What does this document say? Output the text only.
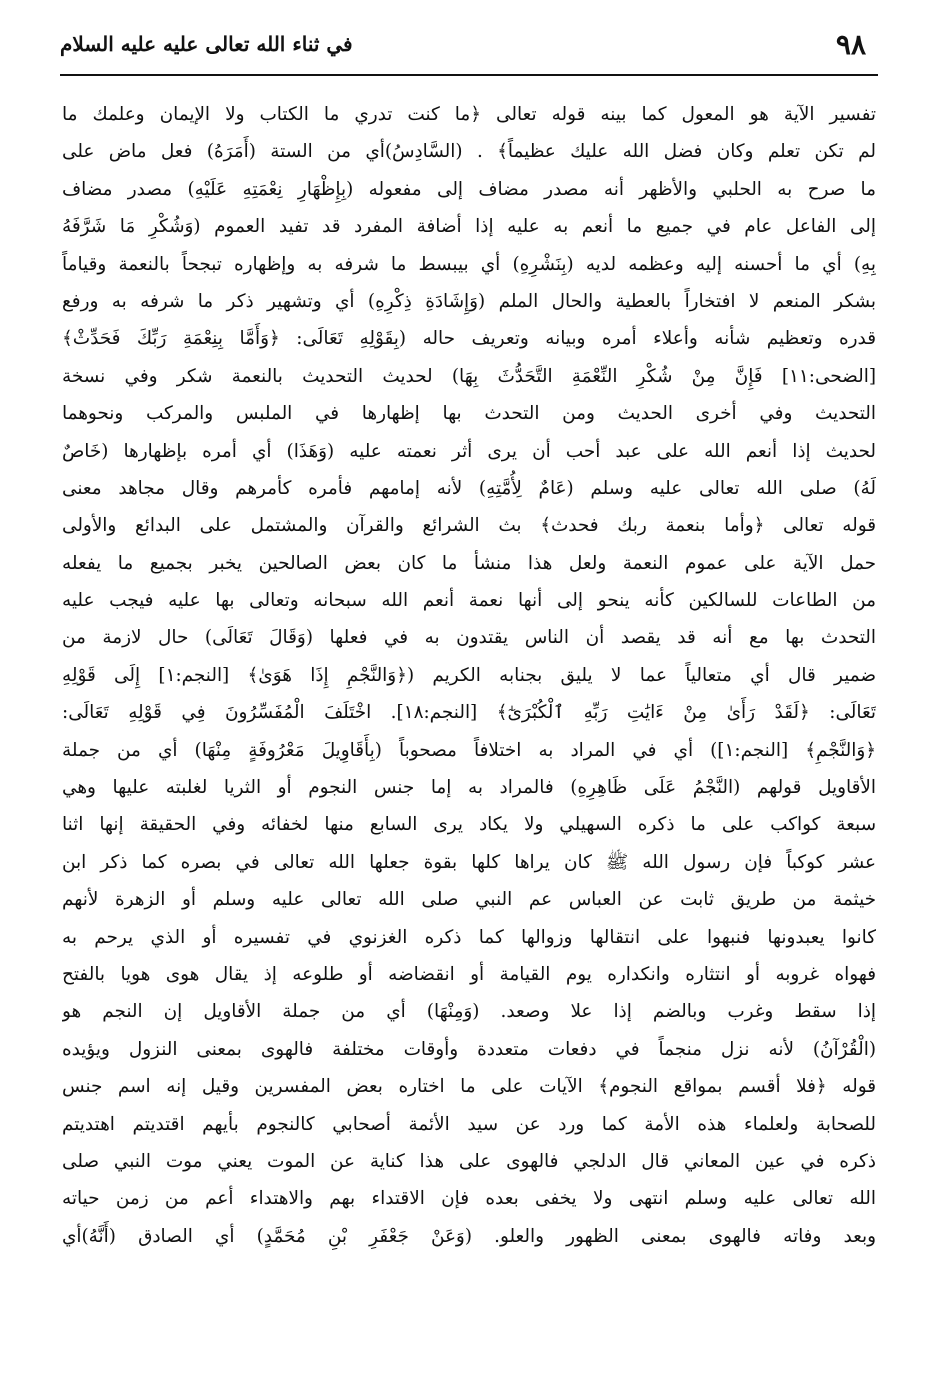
٩٨
في ثناء الله تعالى عليه عليه السلام
تفسير الآية هو المعول كما بينه قوله تعالى ﴿ما كنت تدري ما الكتاب ولا الإيمان وعلمك ما
لم تكن تعلم وكان فضل الله عليك عظيماً﴾ . (السَّادِسُ)أي من الستة (أَمَرَهُ) فعل ماض على
ما صرح به الحلبي والأظهر أنه مصدر مضاف إلى مفعوله (بِإِظْهَارِ نِعْمَتِهِ عَلَيْهِ) مصدر مضاف
إلى الفاعل عام في جميع ما أنعم به عليه إذا أضافة المفرد قد تفيد العموم (وَشُكْرِ مَا شَرَّفَهُ
بِهِ) أي ما أحسنه إليه وعظمه لديه (بِنَشْرِهِ) أي بيبسط ما شرفه به وإظهاره تبجحاً بالنعمة وقياماً
بشكر المنعم لا افتخاراً بالعطية والحال الملم (وَإِشَادَةِ ذِكْرِهِ) أي وتشهير ذكر ما شرفه به ورفع
قدره وتعظيم شأنه وأعلاء أمره وبيانه وتعريف حاله (بِقَوْلِهِ تَعَالَى: ﴿وَأَمَّا بِنِعْمَةِ رَبِّكَ فَحَدِّثْ﴾
[الضحى:١١] فَإِنَّ مِنْ شُكْرِ النِّعْمَةِ التَّحَدُّثَ بِهَا) لحديث التحديث بالنعمة شكر وفي نسخة
التحديث وفي أخرى الحديث ومن التحدث بها إظهارها في الملبس والمركب ونحوهما
لحديث إذا أنعم الله على عبد أحب أن يرى أثر نعمته عليه (وَهَذَا) أي أمره بإظهارها (خَاصٌ
لَهُ) صلى الله تعالى عليه وسلم (عَامٌ لِأُمَّتِهِ) لأنه إمامهم فأمره كأمرهم وقال مجاهد معنى
قوله تعالى ﴿وأما بنعمة ربك فحدث﴾ بث الشرائع والقرآن والمشتمل على البدائع والأولى
حمل الآية على عموم النعمة ولعل هذا منشأ ما كان بعض الصالحين يخبر بجميع ما يفعله
من الطاعات للسالكين كأنه ينحو إلى أنها نعمة أنعم الله سبحانه وتعالى بها عليه فيجب عليه
التحدث بها مع أنه قد يقصد أن الناس يقتدون به في فعلها (وَقَالَ تَعَالَى) حال لازمة من
ضمير قال أي متعالياً عما لا يليق بجنابه الكريم (﴿وَالنَّجْمِ إِذَا هَوَىٰ﴾ [النجم:١] إِلَى قَوْلِهِ
تَعَالَى: ﴿لَقَدْ رَأَىٰ مِنْ ءَايَٰتِ رَبِّهِ ٱلْكُبْرَىٰٓ﴾ [النجم:١٨]. اخْتَلَفَ الْمُفَسِّرُونَ فِي قَوْلِهِ تَعَالَى:
﴿وَالنَّجْمِ﴾ [النجم:١]) أي في المراد به اختلافاً مصحوباً (بِأَقَاوِيلَ مَعْرُوفَةٍ مِنْهَا) أي من جملة
الأقاويل قولهم (النَّجْمُ عَلَى ظَاهِرِهِ) فالمراد به إما جنس النجوم أو الثريا لغلبته عليها وهي
سبعة كواكب على ما ذكره السهيلي ولا يكاد يرى السابع منها لخفائه وفي الحقيقة إنها اثنا
عشر كوكباً فإن رسول الله ﷺ كان يراها كلها بقوة جعلها الله تعالى في بصره كما ذكر ابن
خيثمة من طريق ثابت عن العباس عم النبي صلى الله تعالى عليه وسلم أو الزهرة لأنهم
كانوا يعبدونها فنبهوا على انتقالها وزوالها كما ذكره الغزنوي في تفسيره أو الذي يرحم به
فهواه غروبه أو انتثاره وانكداره يوم القيامة أو انقضاضه أو طلوعه إذ يقال هوى هويا بالفتح
إذا سقط وغرب وبالضم إذا علا وصعد. (وَمِنْهَا) أي من جملة الأقاويل إن النجم هو
(الْقُرْآنُ) لأنه نزل منجماً في دفعات متعددة وأوقات مختلفة فالهوى بمعنى النزول ويؤيده
قوله ﴿فلا أقسم بمواقع النجوم﴾ الآيات على ما اختاره بعض المفسرين وقيل إنه اسم جنس
للصحابة ولعلماء هذه الأمة كما ورد عن سيد الأئمة أصحابي كالنجوم بأيهم اقتديتم اهتديتم
ذكره في عين المعاني قال الدلجي فالهوى على هذا كناية عن الموت يعني موت النبي صلى
الله تعالى عليه وسلم انتهى ولا يخفى بعده فإن الاقتداء بهم والاهتداء أعم من زمن حياته
وبعد وفاته فالهوى بمعنى الظهور والعلو. (وَعَنْ جَعْفَرِ بْنِ مُحَمَّدٍ) أي الصادق (أَنَّهُ)أي
